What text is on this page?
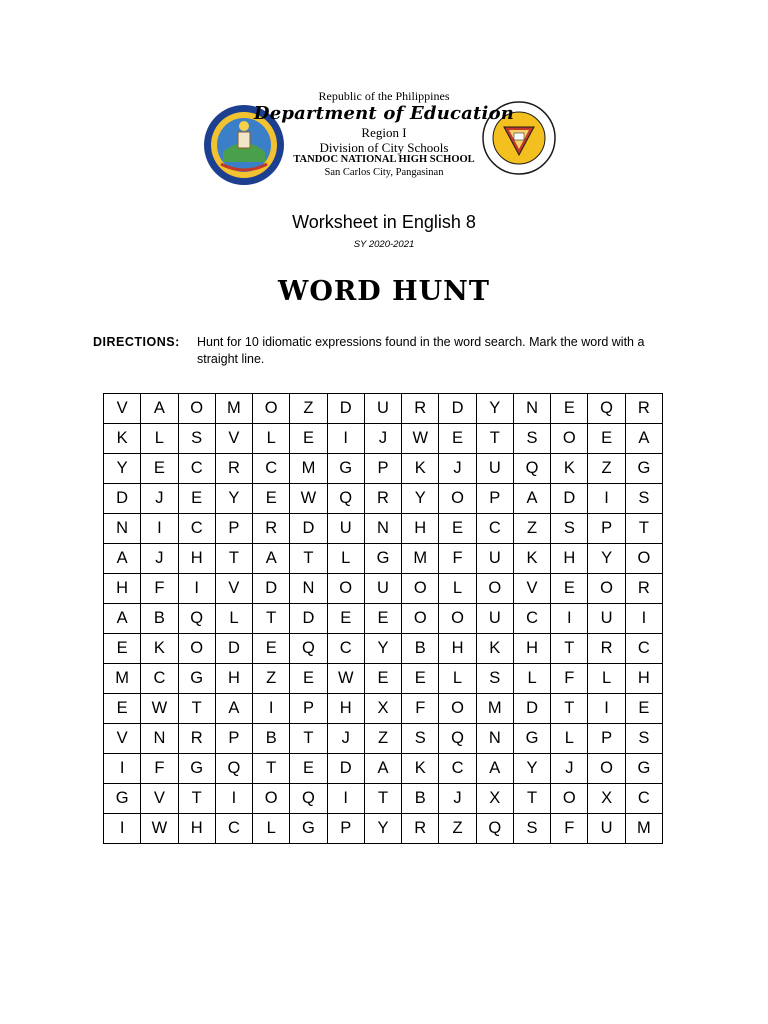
Republic of the Philippines
Department of Education
Region I
Division of City Schools
TANDOC NATIONAL HIGH SCHOOL
San Carlos City, Pangasinan
Worksheet in English 8
SY 2020-2021
WORD HUNT
DIRECTIONS: Hunt for 10 idiomatic expressions found in the word search. Mark the word with a straight line.
V	A	O	M	O	Z	D	U	R	D	Y	N	E	Q	R
K	L	S	V	L	E	I	J	W	E	T	S	O	E	A
Y	E	C	R	C	M	G	P	K	J	U	Q	K	Z	G
D	J	E	Y	E	W	Q	R	Y	O	P	A	D	I	S
N	I	C	P	R	D	U	N	H	E	C	Z	S	P	T
A	J	H	T	A	T	L	G	M	F	U	K	H	Y	O
H	F	I	V	D	N	O	U	O	L	O	V	E	O	R
A	B	Q	L	T	D	E	E	O	O	U	C	I	U	I
E	K	O	D	E	Q	C	Y	B	H	K	H	T	R	C
M	C	G	H	Z	E	W	E	E	L	S	L	F	L	H
E	W	T	A	I	P	H	X	F	O	M	D	T	I	E
V	N	R	P	B	T	J	Z	S	Q	N	G	L	P	S
I	F	G	Q	T	E	D	A	K	C	A	Y	J	O	G
G	V	T	I	O	Q	I	T	B	J	X	T	O	X	C
I	W	H	C	L	G	P	Y	R	Z	Q	S	F	U	M
